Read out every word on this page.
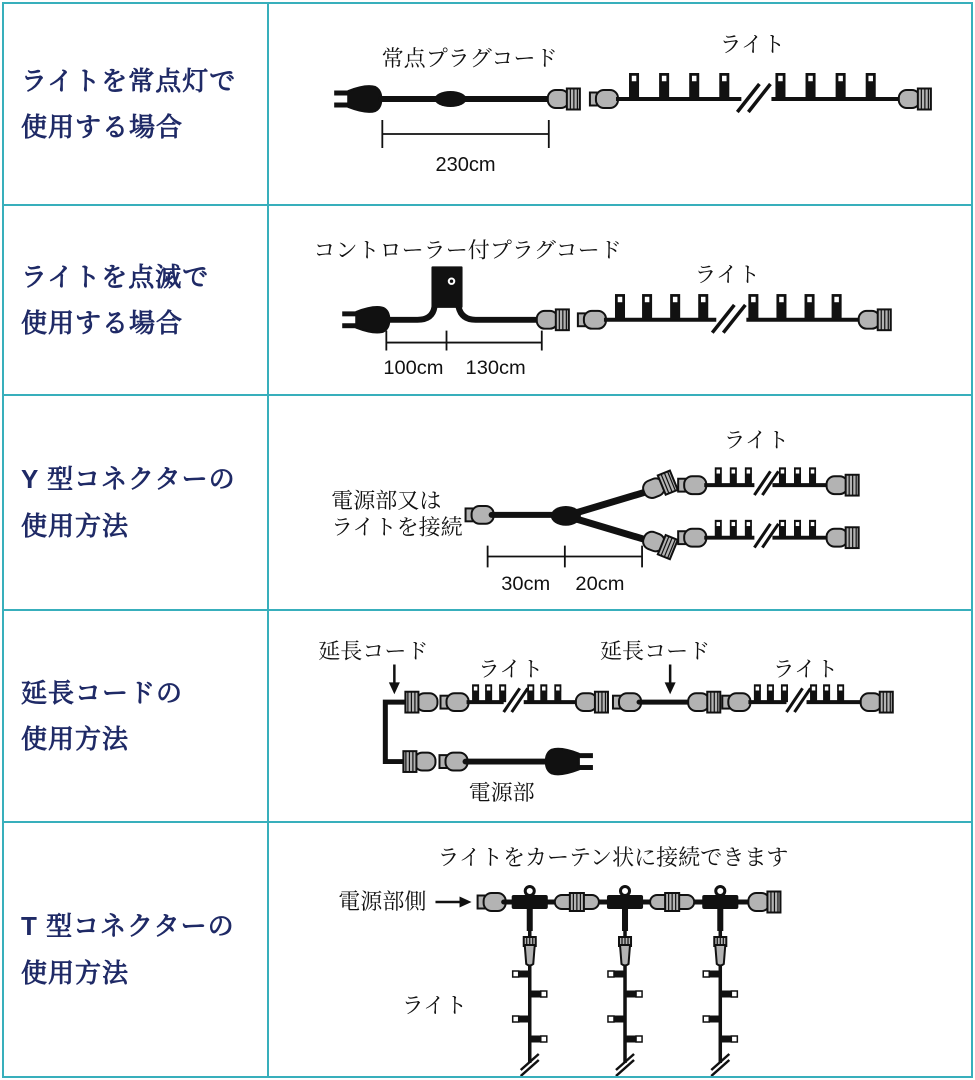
ライトを常点灯で
使用する場合
常点プラグコード
230cm
ライト
ライトを点滅で
使用する場合
コントローラー付プラグコード
100cm 130cm
ライト
Y 型コネクターの
使用方法
電源部又は
ライトを接続
30cm 20cm
ライト
延長コードの
使用方法
延長コード	延長コード
ライト	ライト
電源部
T 型コネクターの
使用方法
ライトをカーテン状に接続できます
電源部側
ライト
